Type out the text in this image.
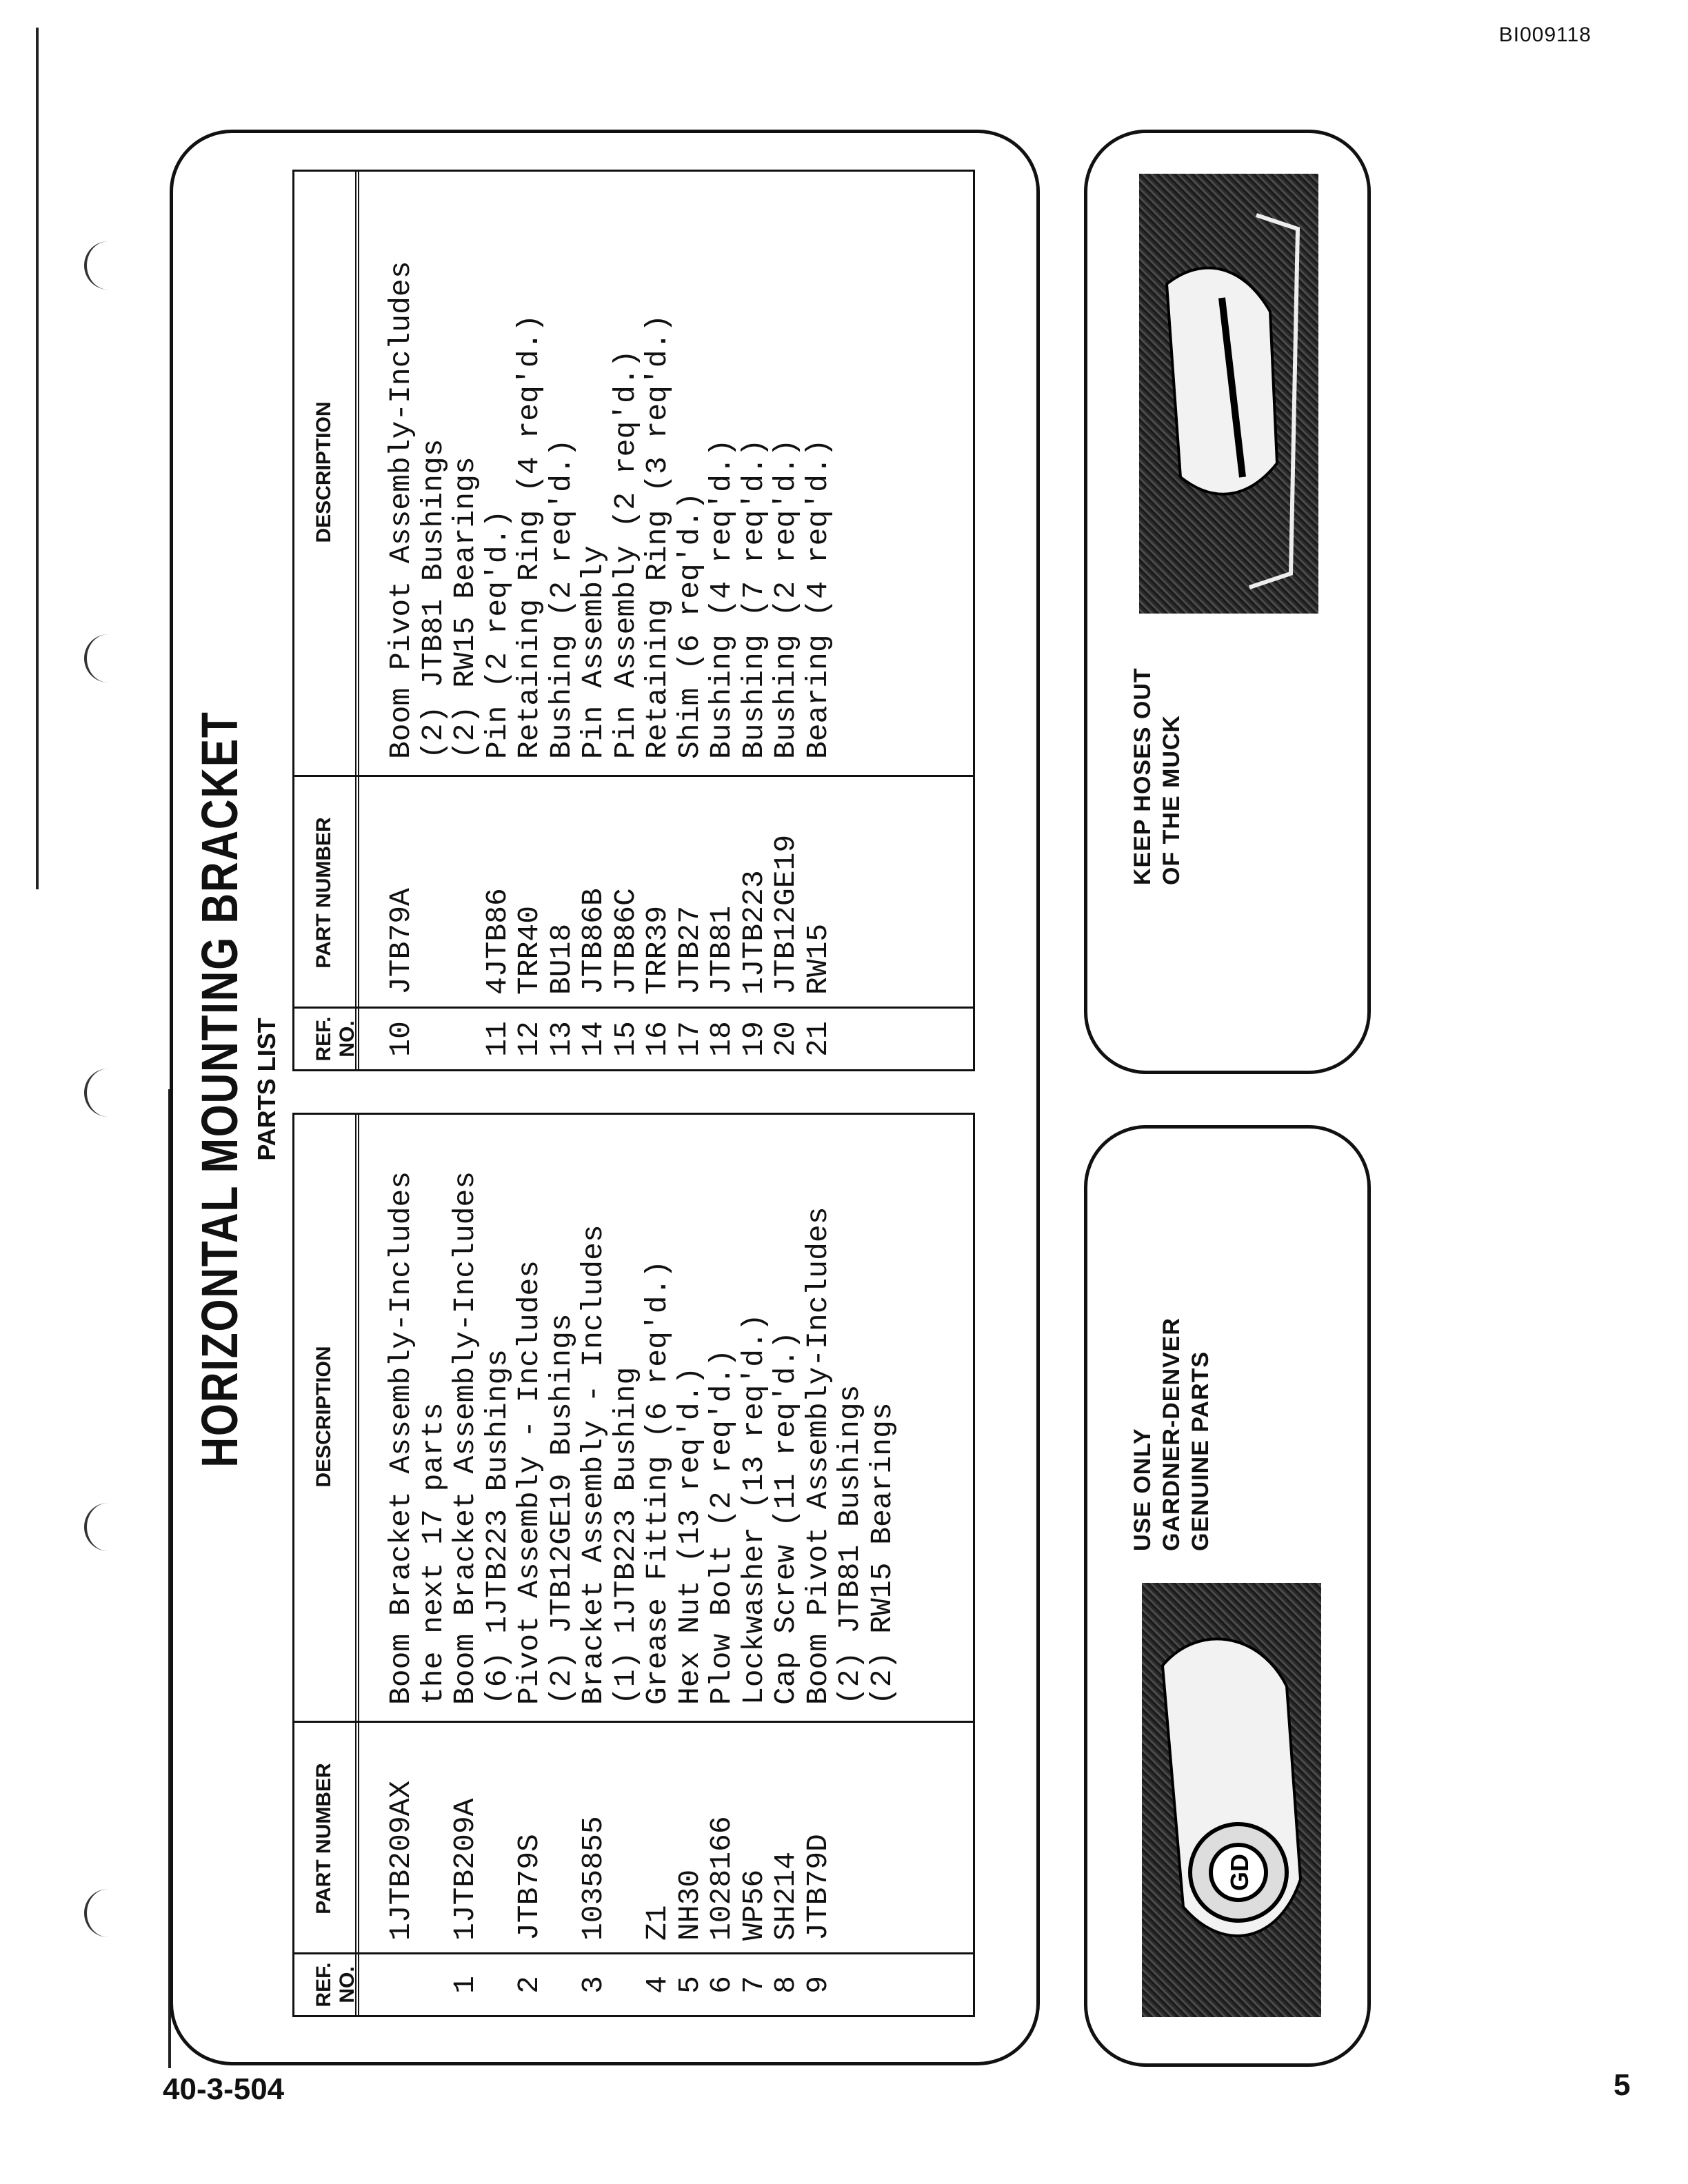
BI009118
HORIZONTAL MOUNTING BRACKET PARTS LIST
REF. NO.
PART NUMBER
DESCRIPTION
1JTB209AX
Boom Bracket Assembly-Includes
the next 17 parts
1
1JTB209A
Boom Bracket Assembly-Includes
(6) 1JTB223 Bushings
2
JTB79S
Pivot Assembly - Includes
(2) JTB12GE19 Bushings
3
1035855
Bracket Assembly - Includes
(1) 1JTB223 Bushing
4
Z1
Grease Fitting (6 req'd.)
5
NH30
Hex Nut (13 req'd.)
6
1028166
Plow Bolt (2 req'd.)
7
WP56
Lockwasher (13 req'd.)
8
SH214
Cap Screw (11 req'd.)
9
JTB79D
Boom Pivot Assembly-Includes
(2) JTB81 Bushings
(2) RW15 Bearings
REF. NO.
PART NUMBER
DESCRIPTION
10
JTB79A
Boom Pivot Assembly-Includes
(2) JTB81 Bushings
(2) RW15 Bearings
11
4JTB86
Pin (2 req'd.)
12
TRR40
Retaining Ring (4 req'd.)
13
BU18
Bushing (2 req'd.)
14
JTB86B
Pin Assembly
15
JTB86C
Pin Assembly (2 req'd.)
16
TRR39
Retaining Ring (3 req'd.)
17
JTB27
Shim (6 req'd.)
18
JTB81
Bushing (4 req'd.)
19
1JTB223
Bushing (7 req'd.)
20
JTB12GE19
Bushing (2 req'd.)
21
RW15
Bearing (4 req'd.)
KEEP HOSES OUT OF THE MUCK
GD
USE ONLY GARDNER-DENVER GENUINE PARTS
40-3-504	5
